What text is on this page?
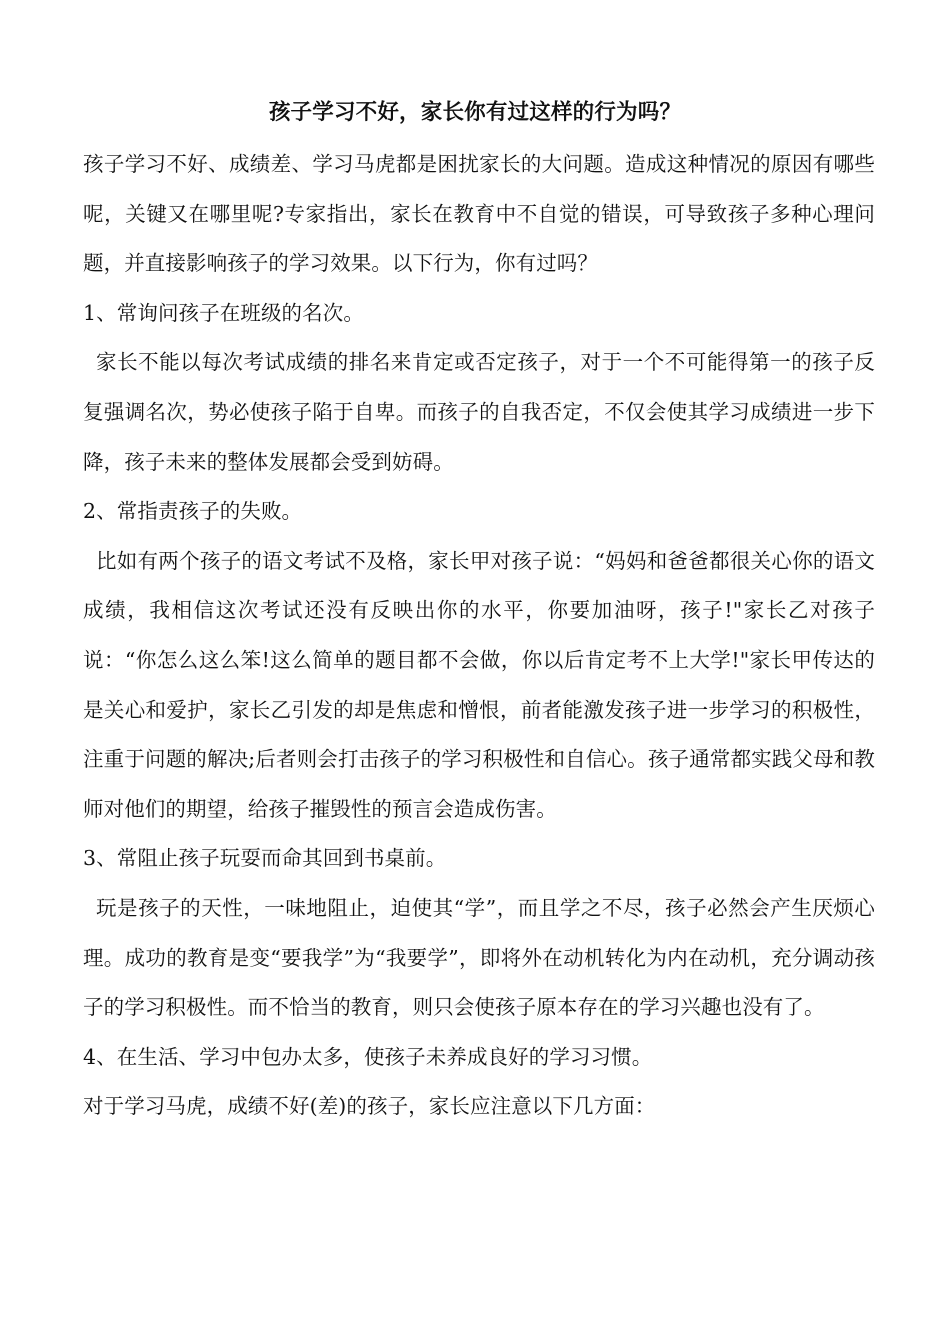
孩子学习不好，家长你有过这样的行为吗？

孩子学习不好、成绩差、学习马虎都是困扰家长的大问题。造成这种情况的原因有哪些呢，关键又在哪里呢?专家指出，家长在教育中不自觉的错误，可导致孩子多种心理问题，并直接影响孩子的学习效果。以下行为，你有过吗？

1、常询问孩子在班级的名次。

家长不能以每次考试成绩的排名来肯定或否定孩子，对于一个不可能得第一的孩子反复强调名次，势必使孩子陷于自卑。而孩子的自我否定，不仅会使其学习成绩进一步下降，孩子未来的整体发展都会受到妨碍。

2、常指责孩子的失败。

比如有两个孩子的语文考试不及格，家长甲对孩子说：“妈妈和爸爸都很关心你的语文成绩，我相信这次考试还没有反映出你的水平，你要加油呀，孩子!"家长乙对孩子说：“你怎么这么笨!这么简单的题目都不会做，你以后肯定考不上大学!"家长甲传达的是关心和爱护，家长乙引发的却是焦虑和憎恨，前者能激发孩子进一步学习的积极性，注重于问题的解决;后者则会打击孩子的学习积极性和自信心。孩子通常都实践父母和教师对他们的期望，给孩子摧毁性的预言会造成伤害。

3、常阻止孩子玩耍而命其回到书桌前。

玩是孩子的天性，一味地阻止，迫使其“学”，而且学之不尽，孩子必然会产生厌烦心理。成功的教育是变“要我学”为“我要学”，即将外在动机转化为内在动机，充分调动孩子的学习积极性。而不恰当的教育，则只会使孩子原本存在的学习兴趣也没有了。

4、在生活、学习中包办太多，使孩子未养成良好的学习习惯。

对于学习马虎，成绩不好(差)的孩子，家长应注意以下几方面：
